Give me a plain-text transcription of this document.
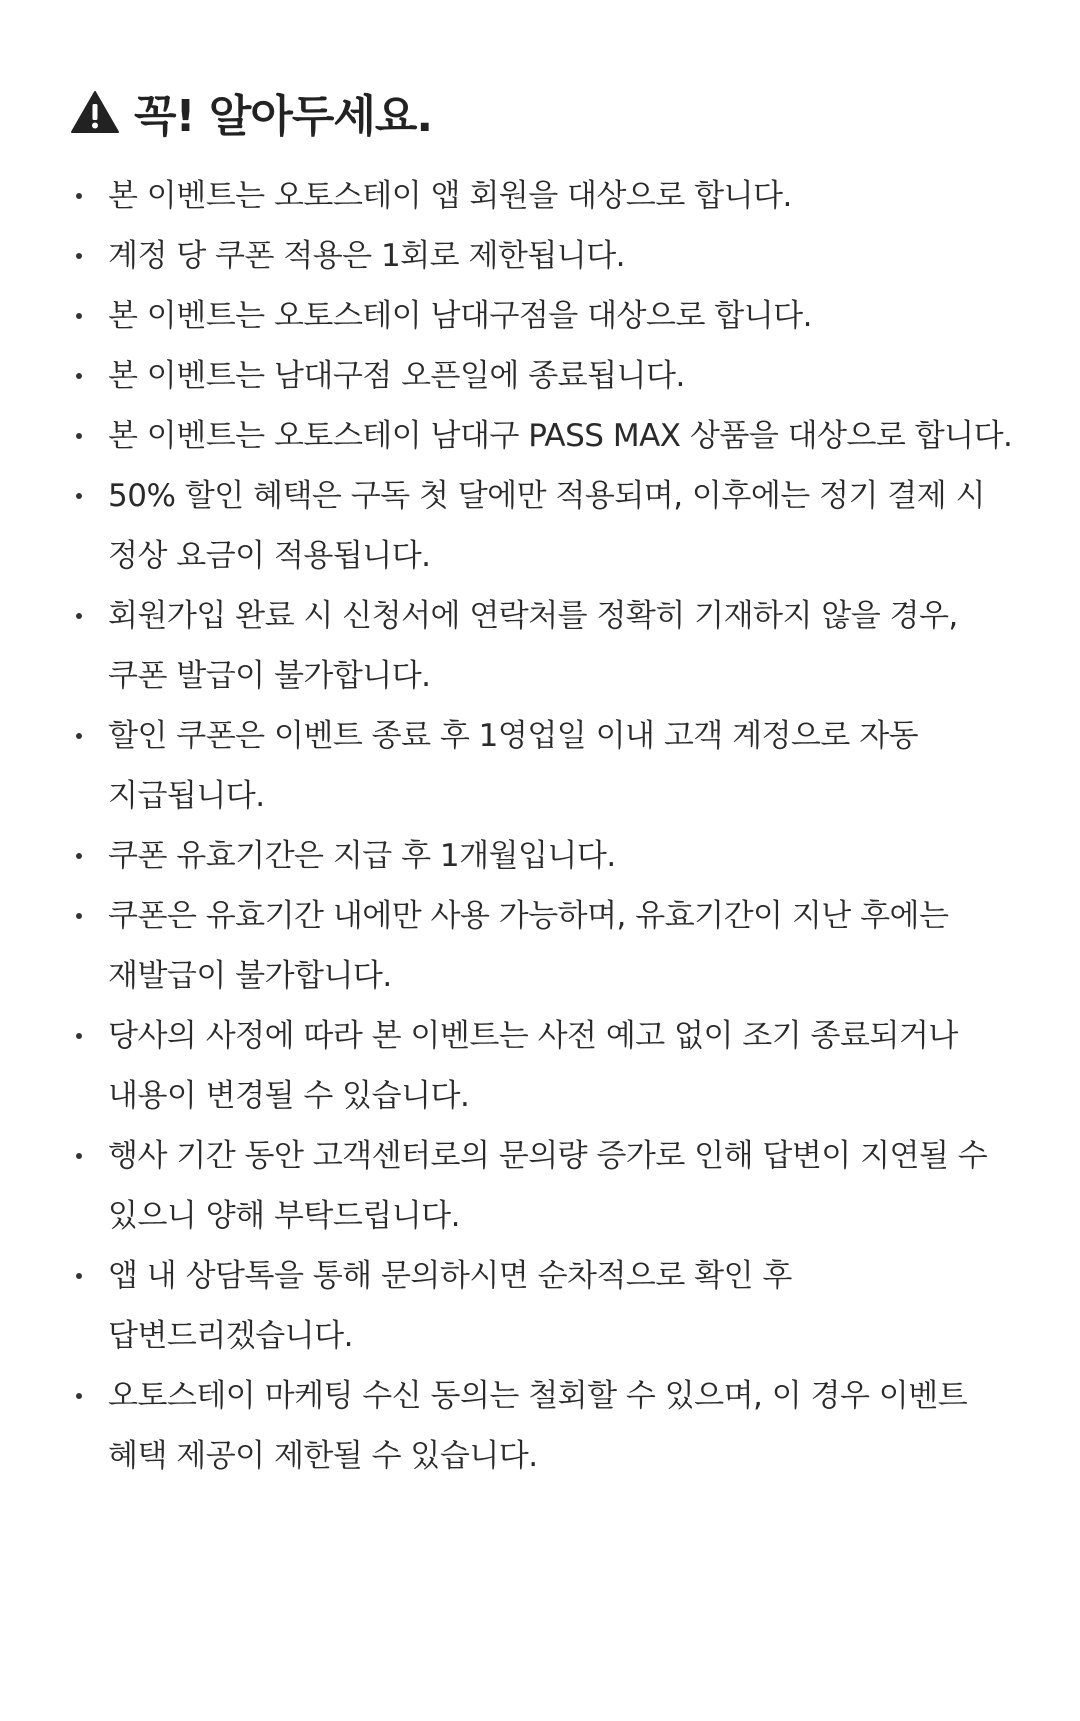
꼭! 알아두세요.
본 이벤트는 오토스테이 앱 회원을 대상으로 합니다.
계정 당 쿠폰 적용은 1회로 제한됩니다.
본 이벤트는 오토스테이 남대구점을 대상으로 합니다.
본 이벤트는 남대구점 오픈일에 종료됩니다.
본 이벤트는 오토스테이 남대구 PASS MAX 상품을 대상으로 합니다.
50% 할인 혜택은 구독 첫 달에만 적용되며, 이후에는 정기 결제 시 정상 요금이 적용됩니다.
회원가입 완료 시 신청서에 연락처를 정확히 기재하지 않을 경우, 쿠폰 발급이 불가합니다.
할인 쿠폰은 이벤트 종료 후 1영업일 이내 고객 계정으로 자동 지급됩니다.
쿠폰 유효기간은 지급 후 1개월입니다.
쿠폰은 유효기간 내에만 사용 가능하며, 유효기간이 지난 후에는 재발급이 불가합니다.
당사의 사정에 따라 본 이벤트는 사전 예고 없이 조기 종료되거나 내용이 변경될 수 있습니다.
행사 기간 동안 고객센터로의 문의량 증가로 인해 답변이 지연될 수 있으니 양해 부탁드립니다.
앱 내 상담톡을 통해 문의하시면 순차적으로 확인 후 답변드리겠습니다.
오토스테이 마케팅 수신 동의는 철회할 수 있으며, 이 경우 이벤트 혜택 제공이 제한될 수 있습니다.
